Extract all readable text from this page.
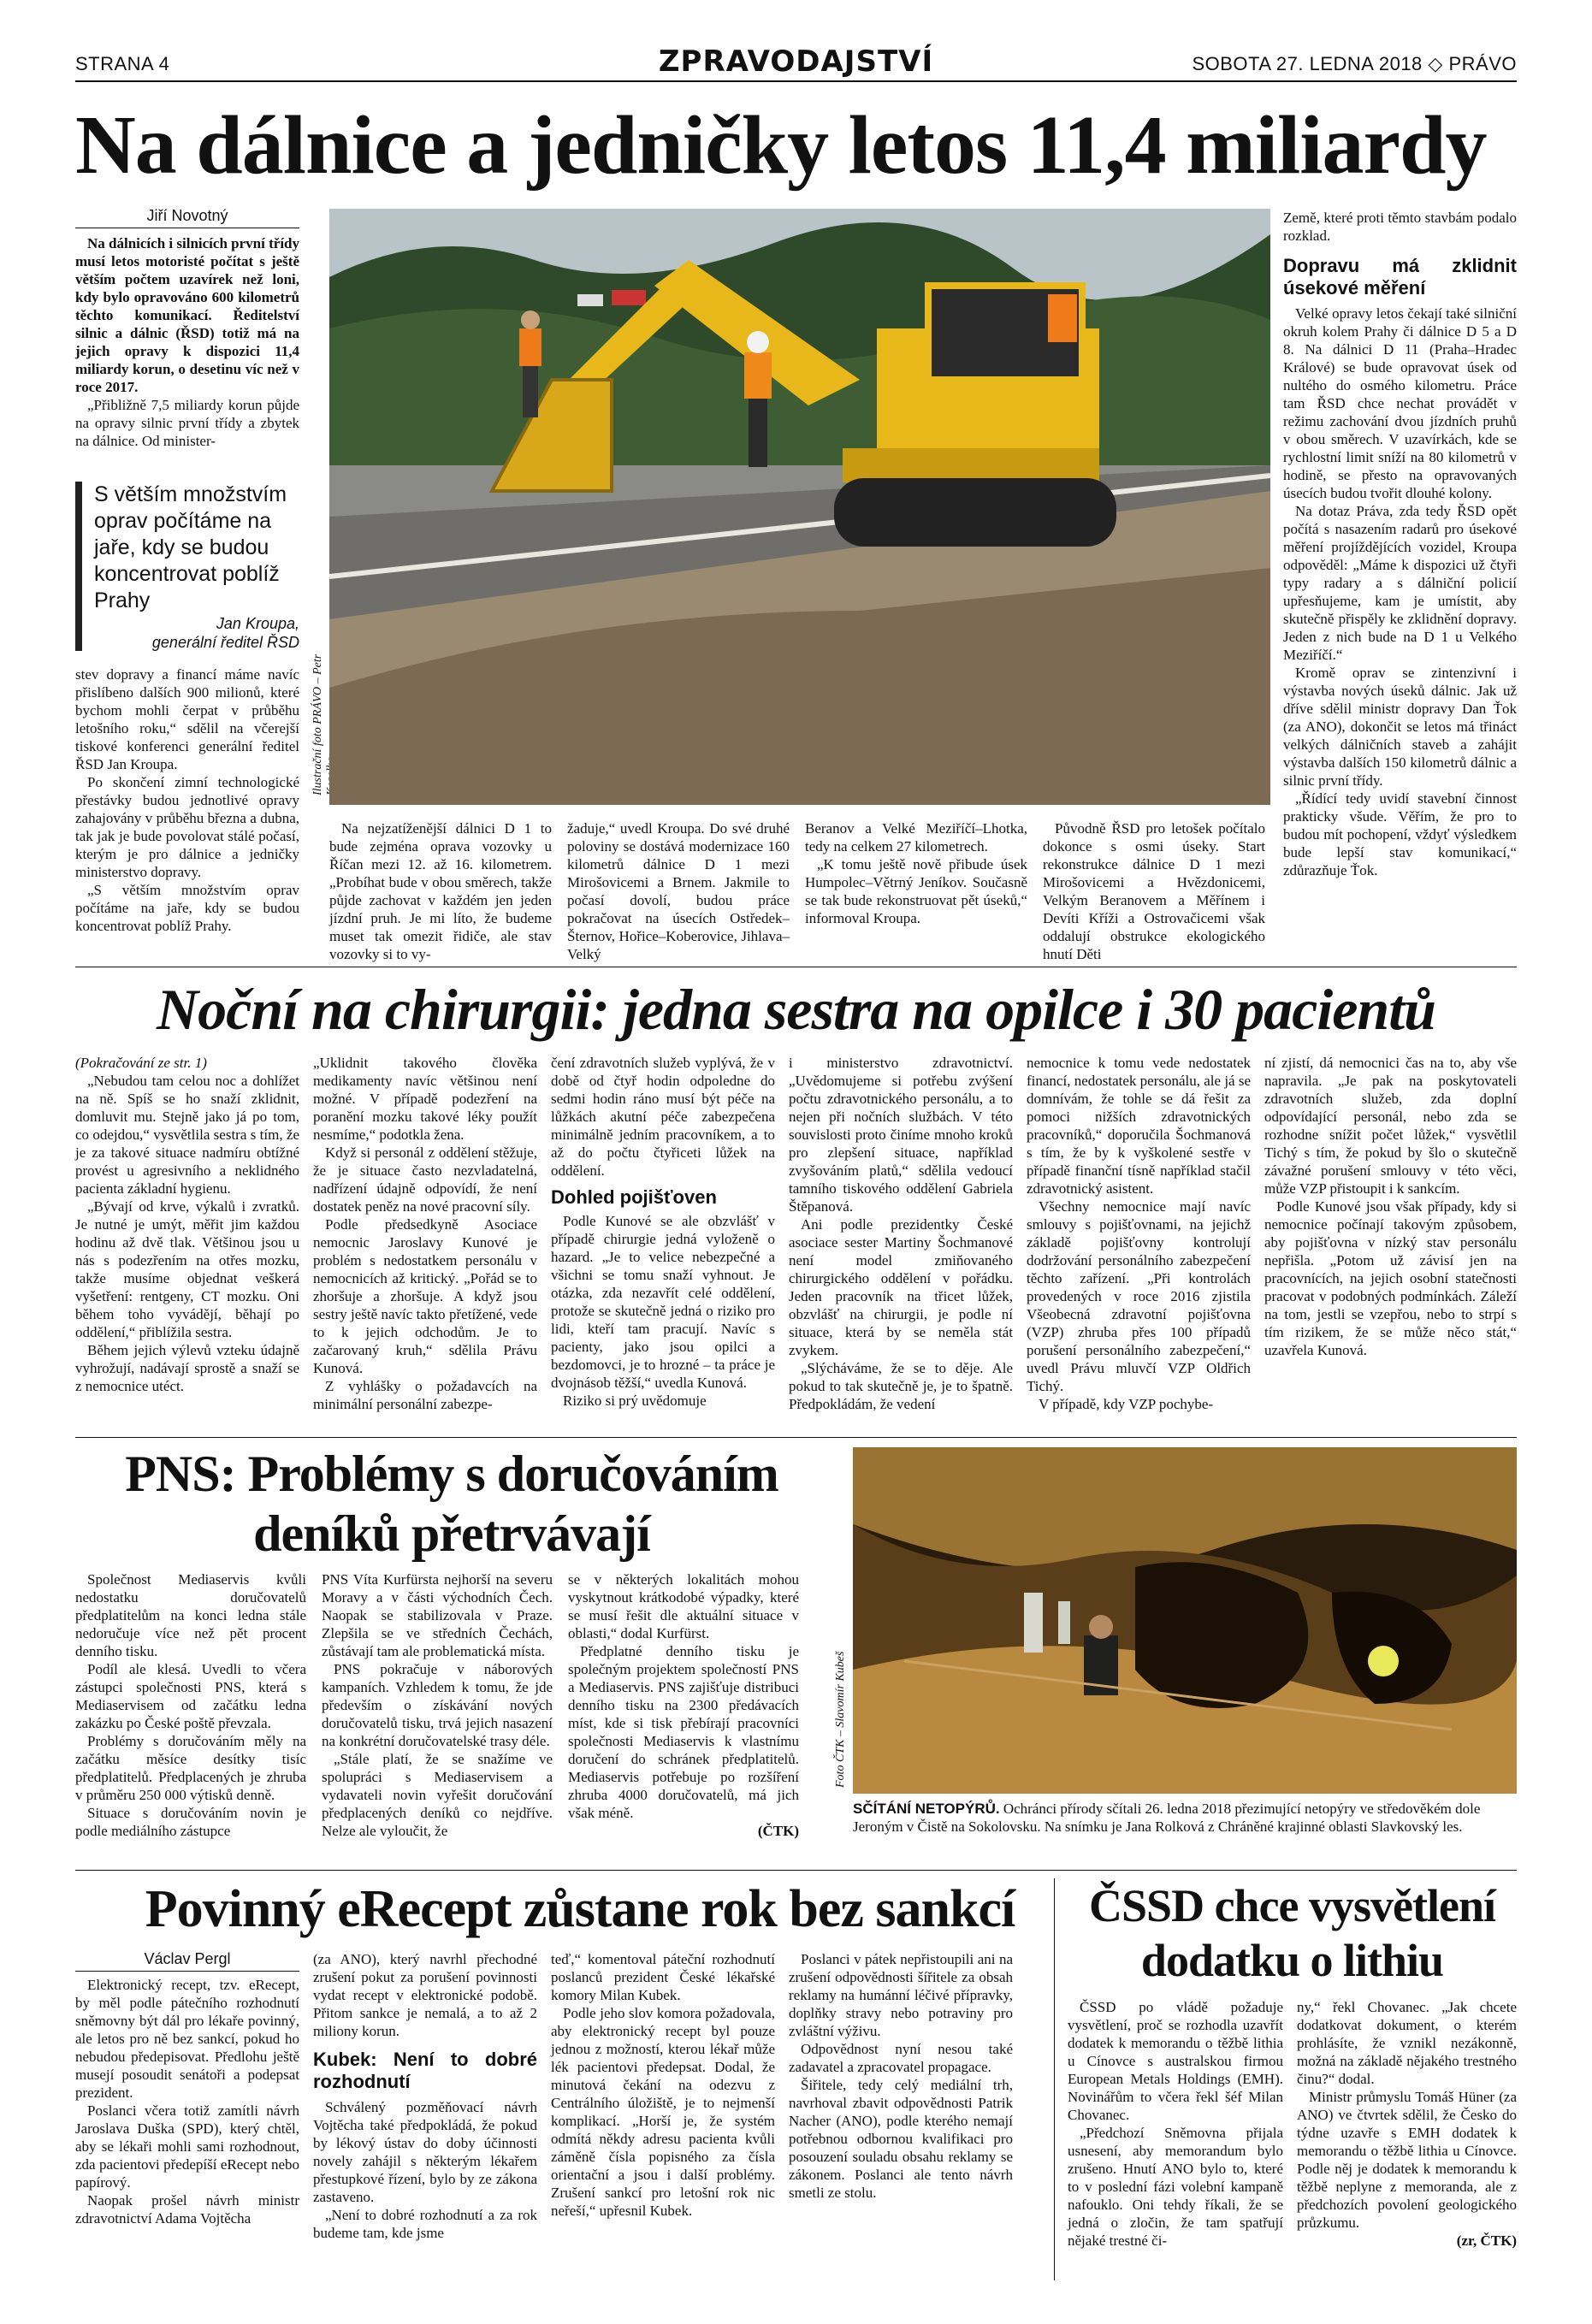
STRANA 4	ZPRAVODAJSTVÍ	SOBOTA 27. LEDNA 2018 ◇ PRÁVO
Na dálnice a jedničky letos 11,4 miliardy
Jiří Novotný

Na dálnicích i silnicích první třídy musí letos motoristé počítat s ještě větším počtem uzavírek než loni, kdy bylo opravováno 600 kilometrů těchto komunikací. Ředitelství silnic a dálnic (ŘSD) totiž má na jejich opravy k dispozici 11,4 miliardy korun, o desetinu víc než v roce 2017.

„Přibližně 7,5 miliardy korun půjde na opravy silnic první třídy a zbytek na dálnice. Od minister-

S větším množstvím oprav počítáme na jaře, kdy se budou koncentrovat poblíž Prahy
Jan Kroupa,
generální ředitel ŘSD

stev dopravy a financí máme navíc přislíbeno dalších 900 milionů, které bychom mohli čerpat v průběhu letošního roku,“ sdělil na včerejší tiskové konferenci generální ředitel ŘSD Jan Kroupa.

Po skončení zimní technologické přestávky budou jednotlivé opravy zahajovány v průběhu března a dubna, tak jak je bude povolovat stálé počasí, kterým je pro dálnice a jedničky ministerstvo dopravy.

„S větším množstvím oprav počítáme na jaře, kdy se budou koncentrovat poblíž Prahy.

Ilustrační foto PRÁVO – Petr

Na nejzatíženější dálnici D 1 to bude zejména oprava vozovky u Říčan mezi 12. až 16. kilometrem. „Probíhat bude v obou směrech, takže půjde zachovat v každém jen jeden jízdní pruh. Je mi líto, že budeme muset tak omezit řidiče, ale stav vozovky si to vy-

žaduje,“ uvedl Kroupa. Do své druhé poloviny se dostává modernizace 160 kilometrů dálnice D 1 mezi Mirošovicemi a Brnem. Jakmile to počasí dovolí, budou práce pokračovat na úsecích Ostředek–Šternov, Hořice–Koberovice, Jihlava–Velký

Beranov a Velké Meziříčí–Lhotka, tedy na celkem 27 kilometrech.

„K tomu ještě nově přibude úsek Humpolec–Větrný Jeníkov. Současně se tak bude rekonstruovat pět úseků,“ informoval Kroupa.

Původně ŘSD pro letošek počítalo dokonce s osmi úseky. Start rekonstrukce dálnice D 1 mezi Mirošovicemi a Hvězdonicemi, Velkým Beranovem a Měřínem i Devíti Kříži a Ostrovačicemi však oddalují obstrukce ekologického hnutí Děti

Země, které proti těmto stavbám podalo rozklad.

Dopravu má zklidnit úsekové měření

Velké opravy letos čekají také silniční okruh kolem Prahy či dálnice D 5 a D 8. Na dálnici D 11 (Praha–Hradec Králové) se bude opravovat úsek od nultého do osmého kilometru. Práce tam ŘSD chce nechat provádět v režimu zachování dvou jízdních pruhů v obou směrech. V uzavírkách, kde se rychlostní limit sníží na 80 kilometrů v hodině, se přesto na opravovaných úsecích budou tvořit dlouhé kolony.

Na dotaz Práva, zda tedy ŘSD opět počítá s nasazením radarů pro úsekové měření projíždějících vozidel, Kroupa odpověděl: „Máme k dispozici už čtyři typy radary a s dálniční policií upřesňujeme, kam je umístit, aby skutečně přispěly ke zklidnění dopravy. Jeden z nich bude na D 1 u Velkého Meziříčí.“

Kromě oprav se zintenzivní i výstavba nových úseků dálnic. Jak už dříve sdělil ministr dopravy Dan Ťok (za ANO), dokončit se letos má třináct velkých dálničních staveb a zahájit výstavba dalších 150 kilometrů dálnic a silnic první třídy.

„Řídící tedy uvidí stavební činnost prakticky všude. Věřím, že pro to budou mít pochopení, vždyť výsledkem bude lepší stav komunikací,“ zdůrazňuje Ťok.

Noční na chirurgii: jedna sestra na opilce i 30 pacientů

(Pokračování ze str. 1)

„Nebudou tam celou noc a dohlížet na ně. Spíš se ho snaží zklidnit, domluvit mu. Stejně jako já po tom, co odejdou,“ vysvětlila sestra s tím, že je za takové situace nadmíru obtížné provést u agresivního a neklidného pacienta základní hygienu.

„Bývají od krve, výkalů i zvratků. Je nutné je umýt, měřit jim každou hodinu až dvě tlak. Většinou jsou u nás s podezřením na otřes mozku, takže musíme objednat veškerá vyšetření: rentgeny, CT mozku. Oni během toho vyvádějí, běhají po oddělení,“ přiblížila sestra.

Během jejich výlevů vzteku údajně vyhrožují, nadávají sprostě a snaží se z nemocnice utéct.

„Uklidnit takového člověka medikamenty navíc většinou není možné. V případě podezření na poranění mozku takové léky použít nesmíme,“ podotkla žena.

Když si personál z oddělení stěžuje, že je situace často nezvladatelná, nadřízení údajně odpovídí, že není dostatek peněz na nové pracovní síly.

Podle předsedkyně Asociace nemocnic Jaroslavy Kunové je problém s nedostatkem personálu v nemocnicích až kritický. „Pořád se to zhoršuje a zhoršuje. A když jsou sestry ještě navíc takto přetížené, vede to k jejich odchodům. Je to začarovaný kruh,“ sdělila Právu Kunová.

Z vyhlášky o požadavcích na minimální personální zabezpe-

čení zdravotních služeb vyplývá, že v době od čtyř hodin odpoledne do sedmi hodin ráno musí být péče na lůžkách akutní péče zabezpečena minimálně jedním pracovníkem, a to až do počtu čtyřiceti lůžek na oddělení.

Dohled pojišťoven

Podle Kunové se ale obzvlášť v případě chirurgie jedná vyloženě o hazard. „Je to velice nebezpečné a všichni se tomu snaží vyhnout. Je otázka, zda nezavřít celé oddělení, protože se skutečně jedná o riziko pro lidi, kteří tam pracují. Navíc s pacienty, jako jsou opilci a bezdomovci, je to hrozné – ta práce je dvojnásob těžší,“ uvedla Kunová.

Riziko si prý uvědomuje

i ministerstvo zdravotnictví. „Uvědomujeme si potřebu zvýšení počtu zdravotnického personálu, a to nejen při nočních službách. V této souvislosti proto činíme mnoho kroků pro zlepšení situace, například zvyšováním platů,“ sdělila vedoucí tamního tiskového oddělení Gabriela Štěpanová.

Ani podle prezidentky České asociace sester Martiny Šochmanové není model zmiňovaného chirurgického oddělení v pořádku. Jeden pracovník na třicet lůžek, obzvlášť na chirurgii, je podle ní situace, která by se neměla stát zvykem.

„Slýcháváme, že se to děje. Ale pokud to tak skutečně je, je to špatně. Předpokládám, že vedení

nemocnice k tomu vede nedostatek financí, nedostatek personálu, ale já se domnívám, že tohle se dá řešit za pomoci nižších zdravotnických pracovníků,“ doporučila Šochmanová s tím, že by k vyškolené sestře v případě finanční tísně například stačil zdravotnický asistent.

Všechny nemocnice mají navíc smlouvy s pojišťovnami, na jejichž základě pojišťovny kontrolují dodržování personálního zabezpečení těchto zařízení. „Při kontrolách provedených v roce 2016 zjistila Všeobecná zdravotní pojišťovna (VZP) zhruba přes 100 případů porušení personálního zabezpečení,“ uvedl Právu mluvčí VZP Oldřich Tichý.

V případě, kdy VZP pochybe-

ní zjistí, dá nemocnici čas na to, aby vše napravila. „Je pak na poskytovateli zdravotních služeb, zda doplní odpovídající personál, nebo zda se rozhodne snížit počet lůžek,“ vysvětlil Tichý s tím, že pokud by šlo o skutečně závažné porušení smlouvy v této věci, může VZP přistoupit i k sankcím.

Podle Kunové jsou však případy, kdy si nemocnice počínají takovým způsobem, aby pojišťovna v nízký stav personálu nepřišla. „Potom už závisí jen na pracovnících, na jejich osobní statečnosti pracovat v podobných podmínkách. Záleží na tom, jestli se vzepřou, nebo to strpí s tím rizikem, že se může něco stát,“ uzavřela Kunová.

PNS: Problémy s doručováním
deníků přetrvávají

Společnost Mediaservis kvůli nedostatku doručovatelů předplatitelům na konci ledna stále nedoručuje více než pět procent denního tisku.

Podíl ale klesá. Uvedli to včera zástupci společnosti PNS, která s Mediaservisem od začátku ledna zakázku po České poště převzala.

Problémy s doručováním měly na začátku měsíce desítky tisíc předplatitelů. Předplacených je zhruba v průměru 250 000 výtisků denně.

Situace s doručováním novin je podle mediálního zástupce

PNS Víta Kurfürsta nejhorší na severu Moravy a v části východních Čech. Naopak se stabilizovala v Praze. Zlepšila se ve středních Čechách, zůstávají tam ale problematická místa.

PNS pokračuje v náborových kampaních. Vzhledem k tomu, že jde především o získávání nových doručovatelů tisku, trvá jejich nasazení na konkrétní doručovatelské trasy déle.

„Stále platí, že se snažíme ve spolupráci s Mediaservisem a vydavateli novin vyřešit doručování předplacených deníků co nejdříve. Nelze ale vyloučit, že

se v některých lokalitách mohou vyskytnout krátkodobé výpadky, které se musí řešit dle aktuální situace v oblasti,“ dodal Kurfürst.

Předplatné denního tisku je společným projektem společností PNS a Mediaservis. PNS zajišťuje distribuci denního tisku na 2300 předávacích míst, kde si tisk přebírají pracovníci společnosti Mediaservis k vlastnímu doručení do schránek předplatitelů. Mediaservis potřebuje po rozšíření zhruba 4000 doručovatelů, má jich však méně.

(ČTK)

Foto ČTK – Slavomír Kubeš
SČÍTÁNÍ NETOPÝRŮ. Ochránci přírody sčítali 26. ledna 2018 přezimující netopýry ve středověkém dole Jeroným v Čistě na Sokolovsku. Na snímku je Jana Rolková z Chráněné krajinné oblasti Slavkovský les.
Povinný eRecept zůstane rok bez sankcí
Václav Pergl

Elektronický recept, tzv. eRecept, by měl podle pátečního rozhodnutí sněmovny být dál pro lékaře povinný, ale letos pro ně bez sankcí, pokud ho nebudou předepisovat. Předlohu ještě musejí posoudit senátoři a podepsat prezident.

Poslanci včera totiž zamítli návrh Jaroslava Duška (SPD), který chtěl, aby se lékaři mohli sami rozhodnout, zda pacientovi předepíší eRecept nebo papírový.

Naopak prošel návrh ministr zdravotnictví Adama Vojtěcha

(za ANO), který navrhl přechodné zrušení pokut za porušení povinnosti vydat recept v elektronické podobě. Přitom sankce je nemalá, a to až 2 miliony korun.

Kubek: Není to dobré rozhodnutí

Schválený pozměňovací návrh Vojtěcha také předpokládá, že pokud by lékový ústav do doby účinnosti novely zahájil s některým lékařem přestupkové řízení, bylo by ze zákona zastaveno.

„Není to dobré rozhodnutí a za rok budeme tam, kde jsme

teď,“ komentoval páteční rozhodnutí poslanců prezident České lékařské komory Milan Kubek.

Podle jeho slov komora požadovala, aby elektronický recept byl pouze jednou z možností, kterou lékař může lék pacientovi předepsat. Dodal, že minutová čekání na odezvu z Centrálního úložiště, je to nejmenší komplikací. „Horší je, že systém odmítá někdy adresu pacienta kvůli záměně čísla popisného za čísla orientační a jsou i další problémy. Zrušení sankcí pro letošní rok nic neřeší,“ upřesnil Kubek.

Poslanci v pátek nepřistoupili ani na zrušení odpovědnosti šířitele za obsah reklamy na humánní léčivé přípravky, doplňky stravy nebo potraviny pro zvláštní výživu.

Odpovědnost nyní nesou také zadavatel a zpracovatel propagace.

Šiřitele, tedy celý mediální trh, navrhoval zbavit odpovědnosti Patrik Nacher (ANO), podle kterého nemají potřebnou odbornou kvalifikaci pro posouzení souladu obsahu reklamy se zákonem. Poslanci ale tento návrh smetli ze stolu.

ČSSD chce vysvětlení
dodatku o lithiu

ČSSD po vládě požaduje vysvětlení, proč se rozhodla uzavřít dodatek k memorandu o těžbě lithia u Cínovce s australskou firmou European Metals Holdings (EMH). Novinářům to včera řekl šéf Milan Chovanec.

„Předchozí Sněmovna přijala usnesení, aby memorandum bylo zrušeno. Hnutí ANO bylo to, které to v poslední fázi volební kampaně nafouklo. Oni tehdy říkali, že se jedná o zločin, že tam spatřují nějaké trestné či-

ny,“ řekl Chovanec. „Jak chcete dodatkovat dokument, o kterém prohlásíte, že vznikl nezákonně, možná na základě nějakého trestného činu?“ dodal.

Ministr průmyslu Tomáš Hüner (za ANO) ve čtvrtek sdělil, že Česko do týdne uzavře s EMH dodatek k memorandu o těžbě lithia u Cínovce. Podle něj je dodatek k memorandu k těžbě neplyne z memoranda, ale z předchozích povolení geologického průzkumu.

(zr, ČTK)
